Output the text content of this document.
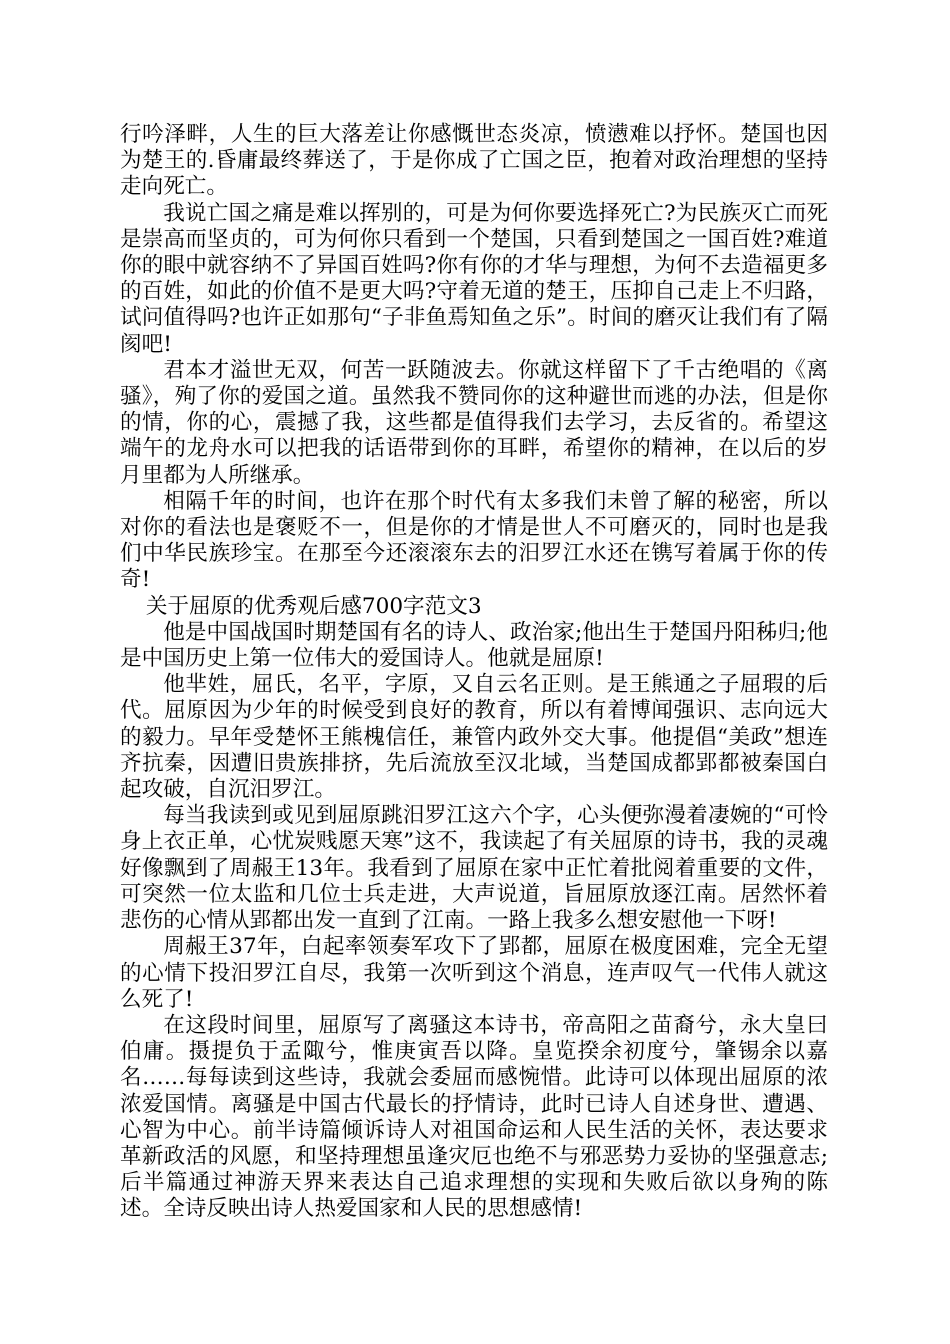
行吟泽畔，人生的巨大落差让你感慨世态炎凉，愤懑难以抒怀。楚国也因为楚王的.昏庸最终葬送了，于是你成了亡国之臣，抱着对政治理想的坚持走向死亡。

我说亡国之痛是难以挥别的，可是为何你要选择死亡?为民族灭亡而死是崇高而坚贞的，可为何你只看到一个楚国，只看到楚国之一国百姓?难道你的眼中就容纳不了异国百姓吗?你有你的才华与理想，为何不去造福更多的百姓，如此的价值不是更大吗?守着无道的楚王，压抑自己走上不归路，试问值得吗?也许正如那句“子非鱼焉知鱼之乐”。时间的磨灭让我们有了隔阂吧!

君本才溢世无双，何苦一跃随波去。你就这样留下了千古绝唱的《离骚》，殉了你的爱国之道。虽然我不赞同你的这种避世而逃的办法，但是你的情，你的心，震撼了我，这些都是值得我们去学习，去反省的。希望这端午的龙舟水可以把我的话语带到你的耳畔，希望你的精神，在以后的岁月里都为人所继承。

相隔千年的时间，也许在那个时代有太多我们未曾了解的秘密，所以对你的看法也是褒贬不一，但是你的才情是世人不可磨灭的，同时也是我们中华民族珍宝。在那至今还滚滚东去的汨罗江水还在镌写着属于你的传奇!

关于屈原的优秀观后感700字范文3

他是中国战国时期楚国有名的诗人、政治家;他出生于楚国丹阳秭归;他是中国历史上第一位伟大的爱国诗人。他就是屈原!

他芈姓，屈氏，名平，字原，又自云名正则。是王熊通之子屈瑕的后代。屈原因为少年的时候受到良好的教育，所以有着博闻强识、志向远大的毅力。早年受楚怀王熊槐信任，兼管内政外交大事。他提倡“美政”想连齐抗秦，因遭旧贵族排挤，先后流放至汉北域，当楚国成都郢都被秦国白起攻破，自沉汨罗江。

每当我读到或见到屈原跳汨罗江这六个字，心头便弥漫着凄婉的“可怜身上衣正单，心忧炭贱愿天寒”这不，我读起了有关屈原的诗书，我的灵魂好像飘到了周赧王13年。我看到了屈原在家中正忙着批阅着重要的文件，可突然一位太监和几位士兵走进，大声说道，旨屈原放逐江南。居然怀着悲伤的心情从郢都出发一直到了江南。一路上我多么想安慰他一下呀!

周赧王37年，白起率领奏军攻下了郢都，屈原在极度困难，完全无望的心情下投汨罗江自尽，我第一次听到这个消息，连声叹气一代伟人就这么死了!

在这段时间里，屈原写了离骚这本诗书，帝高阳之苗裔兮，永大皇曰伯庸。摄提负于孟陬兮，惟庚寅吾以降。皇览揆余初度兮，肇锡余以嘉名……每每读到这些诗，我就会委屈而感惋惜。此诗可以体现出屈原的浓浓爱国情。离骚是中国古代最长的抒情诗，此时已诗人自述身世、遭遇、心智为中心。前半诗篇倾诉诗人对祖国命运和人民生活的关怀，表达要求革新政活的风愿，和坚持理想虽逢灾厄也绝不与邪恶势力妥协的坚强意志;后半篇通过神游天界来表达自己追求理想的实现和失败后欲以身殉的陈述。全诗反映出诗人热爱国家和人民的思想感情!
